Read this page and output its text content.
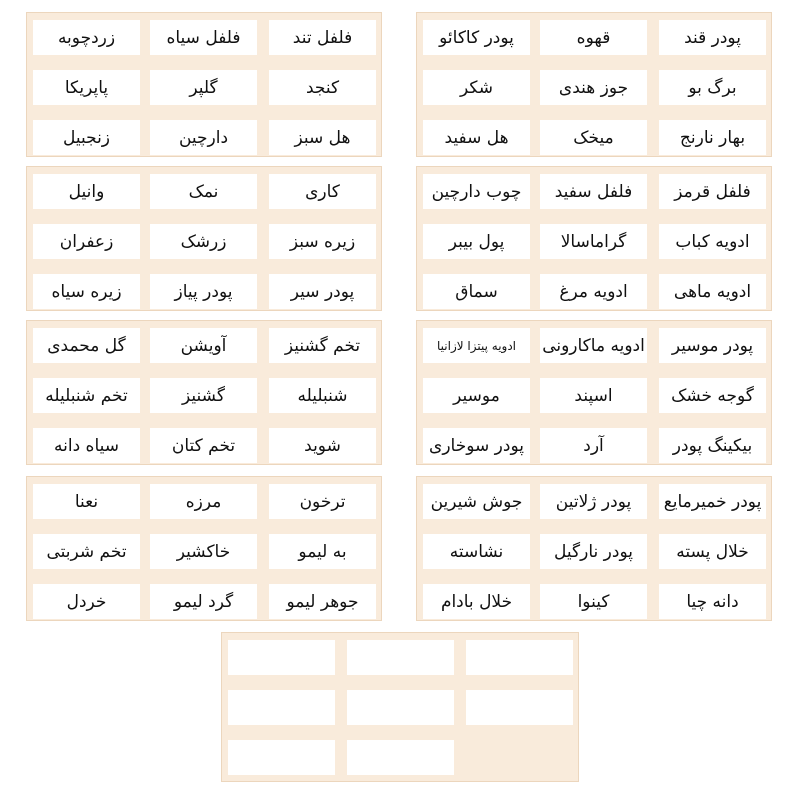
پودر قند
قهوه
پودر کاکائو
برگ بو
جوز هندی
شکر
بهار نارنج
میخک
هل سفید
فلفل تند
فلفل سیاه
زردچوبه
کنجد
گلپر
پاپریکا
هل سبز
دارچین
زنجبیل
فلفل قرمز
فلفل سفید
چوب دارچین
ادویه کباب
گراماسالا
پول بیبر
ادویه ماهی
ادویه مرغ
سماق
کاری
نمک
وانیل
زیره سبز
زرشک
زعفران
پودر سیر
پودر پیاز
زیره سیاه
پودر موسیر
ادویه ماکارونی
ادویه پیتزا لازانیا
گوجه خشک
اسپند
موسیر
بیکینگ پودر
آرد
پودر سوخاری
تخم گشنیز
آویشن
گل محمدی
شنبلیله
گشنیز
تخم شنبلیله
شوید
تخم کتان
سیاه دانه
پودر خمیرمایع
پودر ژلاتین
جوش شیرین
خلال پسته
پودر نارگیل
نشاسته
دانه چیا
کینوا
خلال بادام
ترخون
مرزه
نعنا
به لیمو
خاکشیر
تخم شربتی
جوهر لیمو
گرد لیمو
خردل
